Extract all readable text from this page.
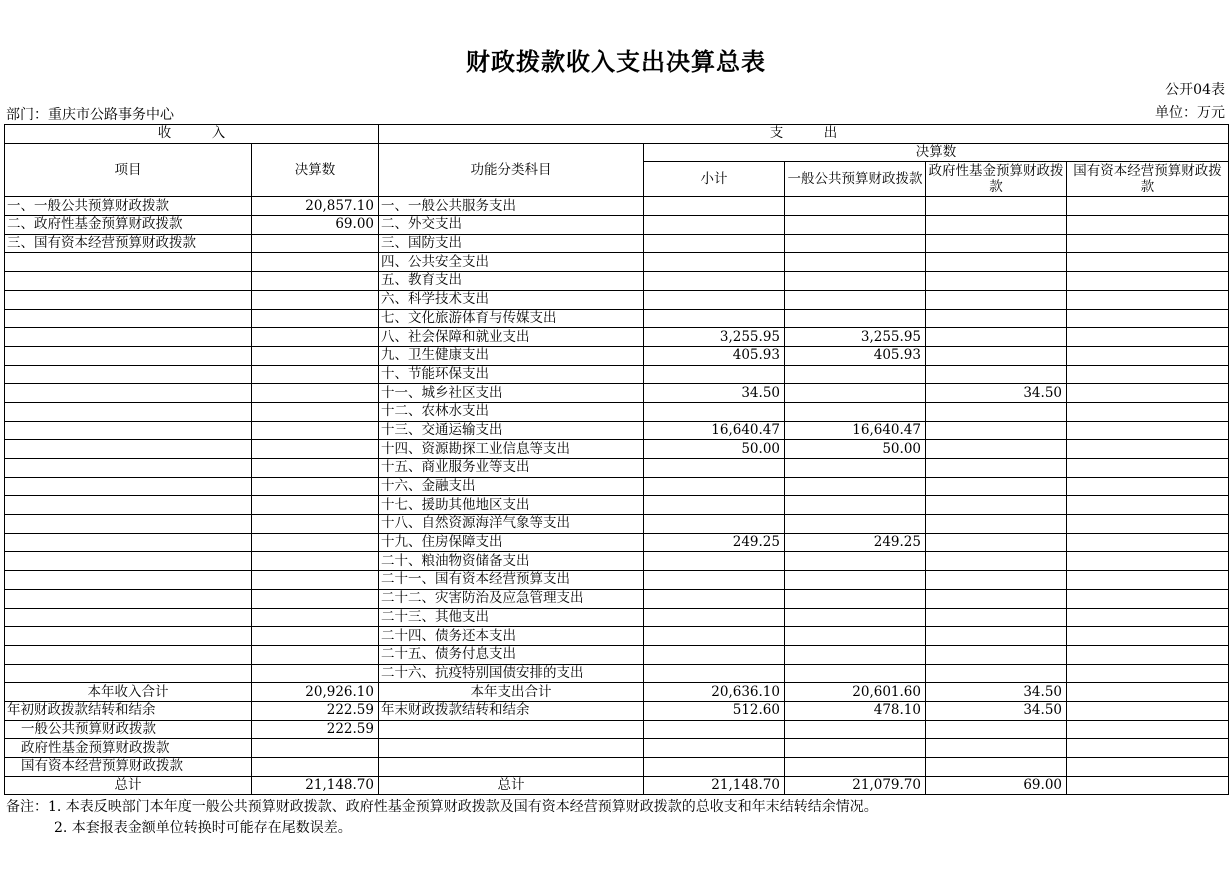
财政拨款收入支出决算总表
公开04表
部门：重庆市公路事务中心	单位：万元
收　　　入		支　　　出				
项目	决算数	功能分类科目	决算数			
			小计	一般公共预算财政拨款	政府性基金预算财政拨款	国有资本经营预算财政拨款
一、一般公共预算财政拨款	20,857.10	一、一般公共服务支出				
二、政府性基金预算财政拨款	69.00	二、外交支出				
三、国有资本经营预算财政拨款		三、国防支出				
		四、公共安全支出				
		五、教育支出				
		六、科学技术支出				
		七、文化旅游体育与传媒支出				
		八、社会保障和就业支出	3,255.95	3,255.95		
		九、卫生健康支出	405.93	405.93		
		十、节能环保支出				
		十一、城乡社区支出	34.50		34.50	
		十二、农林水支出				
		十三、交通运输支出	16,640.47	16,640.47		
		十四、资源勘探工业信息等支出	50.00	50.00		
		十五、商业服务业等支出				
		十六、金融支出				
		十七、援助其他地区支出				
		十八、自然资源海洋气象等支出				
		十九、住房保障支出	249.25	249.25		
		二十、粮油物资储备支出				
		二十一、国有资本经营预算支出				
		二十二、灾害防治及应急管理支出				
		二十三、其他支出				
		二十四、债务还本支出				
		二十五、债务付息支出				
		二十六、抗疫特别国债安排的支出				
本年收入合计	20,926.10	本年支出合计	20,636.10	20,601.60	34.50	
年初财政拨款结转和结余	222.59	年末财政拨款结转和结余	512.60	478.10	34.50	
一般公共预算财政拨款	222.59					
政府性基金预算财政拨款						
国有资本经营预算财政拨款						
总计	21,148.70	总计	21,148.70	21,079.70	69.00	
备注：1. 本表反映部门本年度一般公共预算财政拨款、政府性基金预算财政拨款及国有资本经营预算财政拨款的总收支和年末结转结余情况。
2. 本套报表金额单位转换时可能存在尾数误差。
